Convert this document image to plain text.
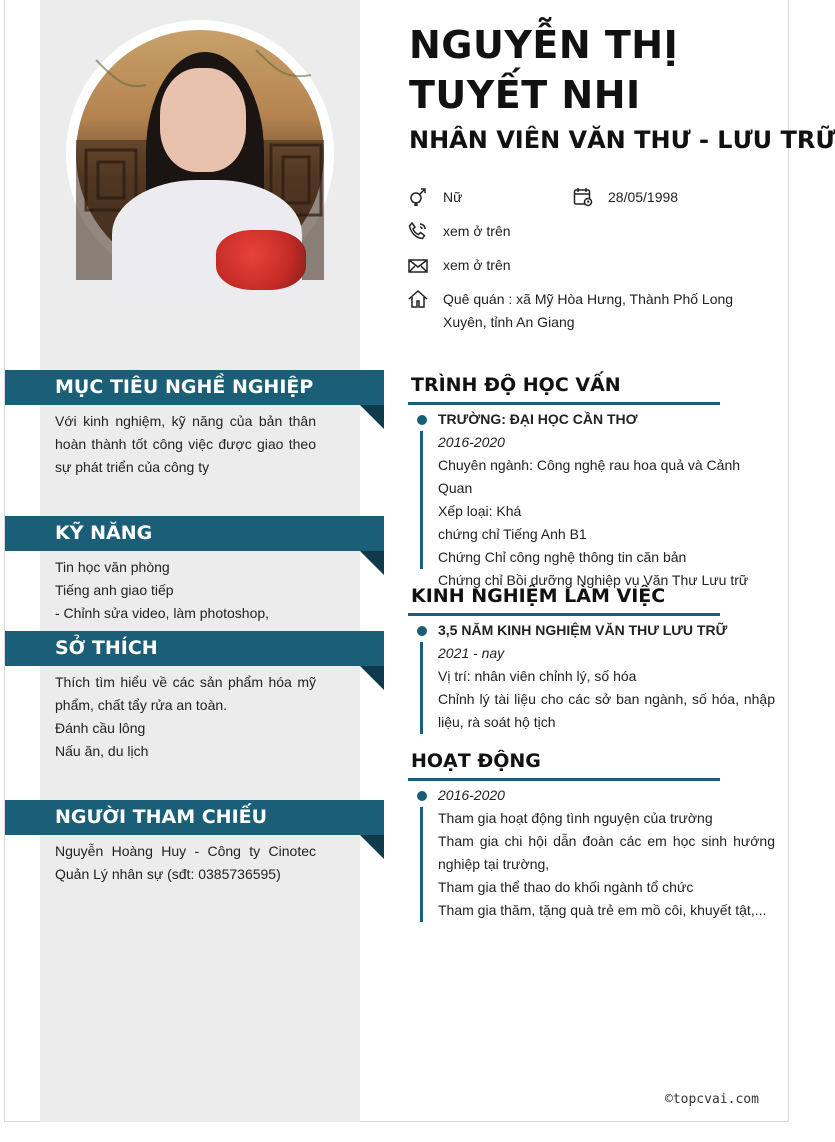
NGUYỄN THỊ TUYẾT NHI
NHÂN VIÊN VĂN THƯ - LƯU TRỮ
Nữ	28/05/1998
xem ở trên
xem ở trên
Quê quán : xã Mỹ Hòa Hưng, Thành Phố Long Xuyên, tỉnh An Giang
MỤC TIÊU NGHỀ NGHIỆP
Với kinh nghiệm, kỹ năng của bản thân hoàn thành tốt công việc được giao theo sự phát triển của công ty
KỸ NĂNG

Tin học văn phòng

Tiếng anh giao tiếp

- Chỉnh sửa video, làm photoshop,

SỞ THÍCH

Thích tìm hiểu về các sản phẩm hóa mỹ phẩm, chất tẩy rửa an toàn.

Đánh cầu lông

Nấu ăn, du lịch

NGƯỜI THAM CHIẾU
Nguyễn Hoàng Huy - Công ty Cinotec Quản Lý nhân sự (sđt: 0385736595)
TRÌNH ĐỘ HỌC VẤN

TRƯỜNG: ĐẠI HỌC CẦN THƠ

2016-2020

Chuyên ngành: Công nghệ rau hoa quả và Cảnh Quan

Xếp loại: Khá

chứng chỉ Tiếng Anh B1

Chứng Chỉ công nghệ thông tin căn bản

Chứng chỉ Bồi dưỡng Nghiệp vụ Văn Thư Lưu trữ

KINH NGHIỆM LÀM VIỆC

3,5 NĂM KINH NGHIỆM VĂN THƯ LƯU TRỮ

2021 - nay

Vị trí: nhân viên chỉnh lý, số hóa

Chỉnh lý tài liệu cho các sở ban ngành, số hóa, nhập liệu, rà soát hộ tịch

HOẠT ĐỘNG

2016-2020

Tham gia hoạt động tình nguyện của trường

Tham gia chi hội dẫn đoàn các em học sinh hướng nghiệp tại trường,

Tham gia thể thao do khối ngành tổ chức

Tham gia thăm, tặng quà trẻ em mồ côi, khuyết tật,...

©topcvai.com
